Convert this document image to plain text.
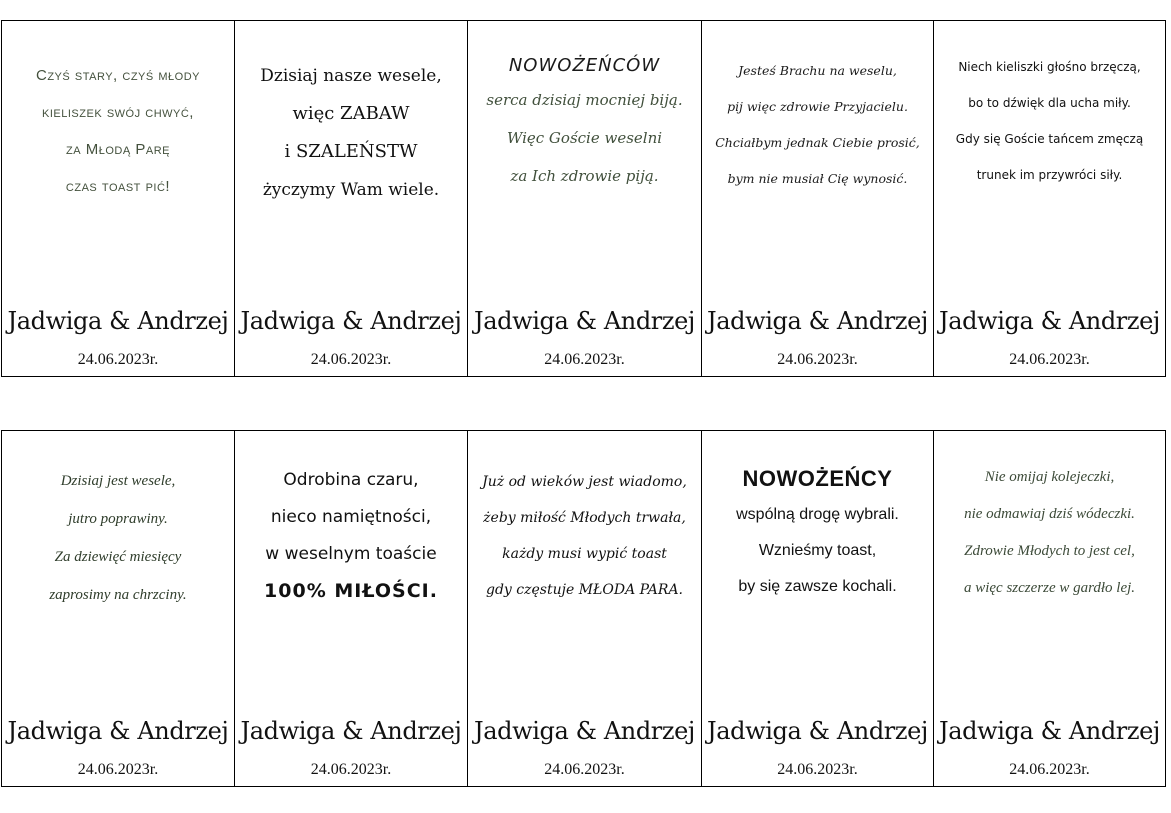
Czyś stary, czyś młody
kieliszek swój chwyć,
za Młodą Parę
czas toast pić!
Jadwiga & Andrzej
24.06.2023r.
Dzisiaj nasze wesele,
więc ZABAW
i SZALEŃSTW
życzymy Wam wiele.
Jadwiga & Andrzej
24.06.2023r.
NOWOŻEŃCÓW
serca dzisiaj mocniej biją.
Więc Goście weselni
za Ich zdrowie piją.
Jadwiga & Andrzej
24.06.2023r.
Jesteś Brachu na weselu,
pij więc zdrowie Przyjacielu.
Chciałbym jednak Ciebie prosić,
bym nie musiał Cię wynosić.
Jadwiga & Andrzej
24.06.2023r.
Niech kieliszki głośno brzęczą,
bo to dźwięk dla ucha miły.
Gdy się Goście tańcem zmęczą
trunek im przywróci siły.
Jadwiga & Andrzej
24.06.2023r.
Dzisiaj jest wesele,
jutro poprawiny.
Za dziewięć miesięcy
zaprosimy na chrzciny.
Jadwiga & Andrzej
24.06.2023r.
Odrobina czaru,
nieco namiętności,
w weselnym toaście
100% MIŁOŚCI.
Jadwiga & Andrzej
24.06.2023r.
Już od wieków jest wiadomo,
żeby miłość Młodych trwała,
każdy musi wypić toast
gdy częstuje MŁODA PARA.
Jadwiga & Andrzej
24.06.2023r.
NOWOŻEŃCY
wspólną drogę wybrali.
Wznieśmy toast,
by się zawsze kochali.
Jadwiga & Andrzej
24.06.2023r.
Nie omijaj kolejeczki,
nie odmawiaj dziś wódeczki.
Zdrowie Młodych to jest cel,
a więc szczerze w gardło lej.
Jadwiga & Andrzej
24.06.2023r.
